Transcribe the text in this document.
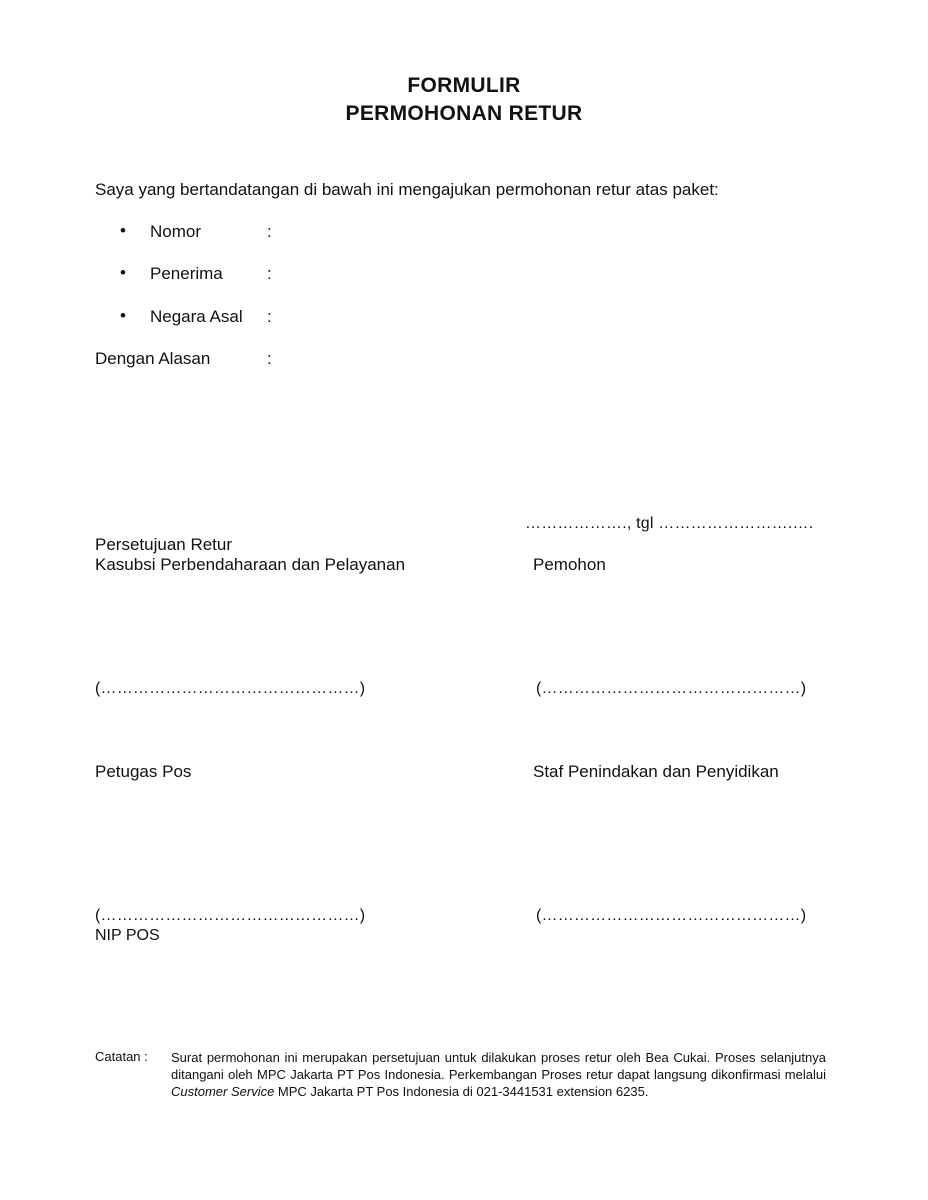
FORMULIR
PERMOHONAN RETUR
Saya yang bertandatangan di bawah ini mengajukan permohonan retur atas paket:
• Nomor	:
• Penerima	:
• Negara Asal :
Dengan Alasan	:
………………., tgl …………………….….
Persetujuan Retur
Kasubsi Perbendaharaan dan Pelayanan	Pemohon
(…………………………………………)	(…………………………………………)
Petugas Pos	Staf Penindakan dan Penyidikan
(…………………………………………)	(…………………………………………)
NIP POS
Catatan : Surat permohonan ini merupakan persetujuan untuk dilakukan proses retur oleh Bea Cukai. Proses selanjutnya ditangani oleh MPC Jakarta PT Pos Indonesia. Perkembangan Proses retur dapat langsung dikonfirmasi melalui Customer Service MPC Jakarta PT Pos Indonesia di 021-3441531 extension 6235.
